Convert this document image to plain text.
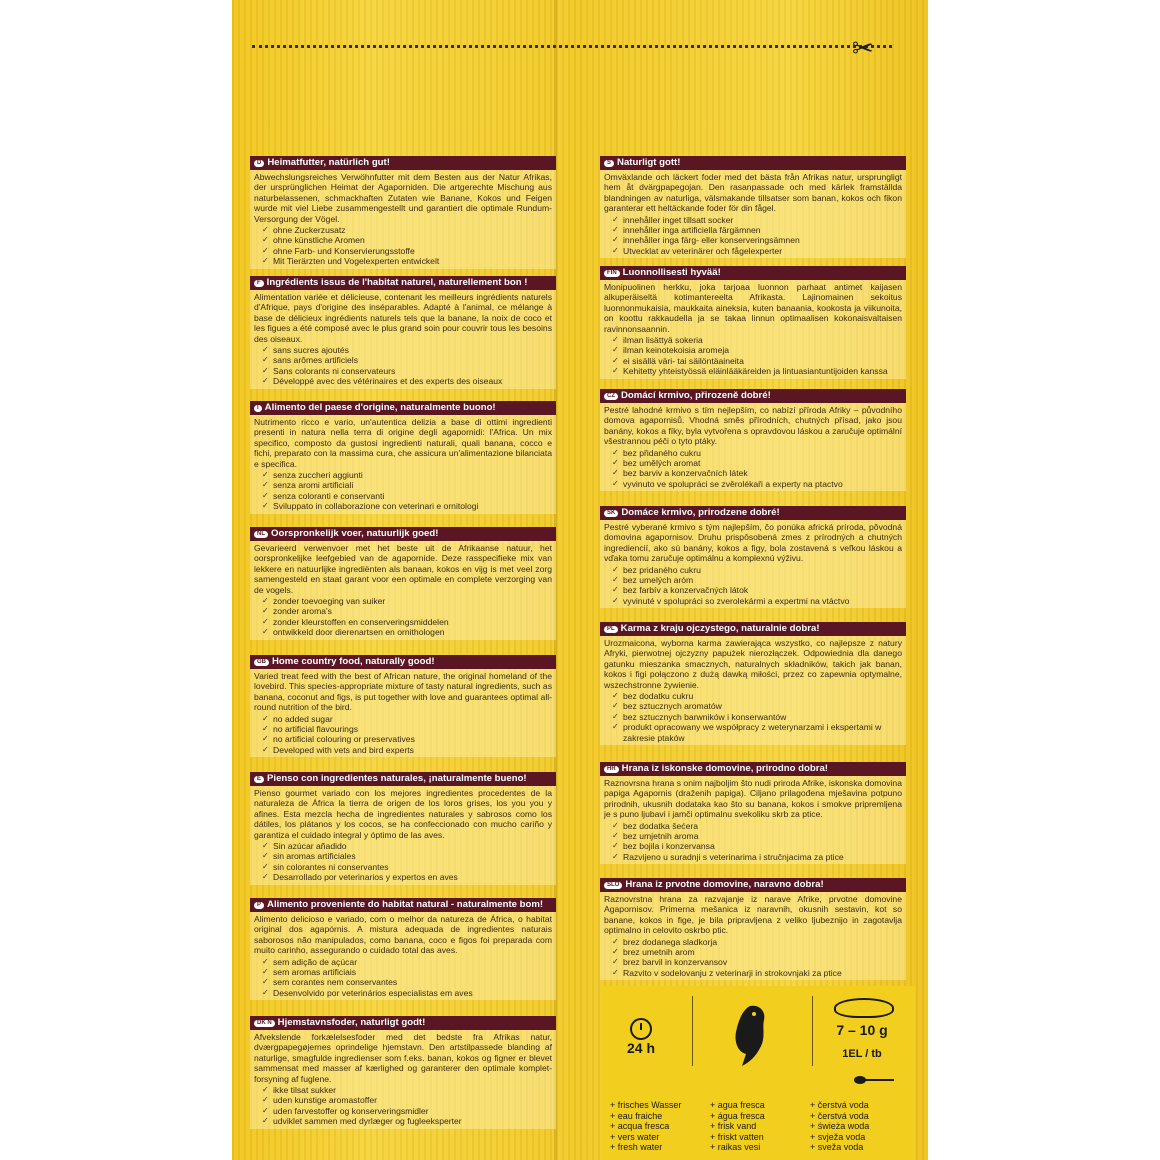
✂
D Heimatfutter, natürlich gut!

Abwechslungsreiches Verwöhnfutter mit dem Besten aus der Natur Afrikas, der ursprünglichen Heimat der Agaporniden. Die artgerechte Mischung aus naturbelassenen, schmackhaften Zutaten wie Banane, Kokos und Feigen wurde mit viel Liebe zusammengestellt und garantiert die optimale Rundum-Versorgung der Vögel.

✓ ohne Zuckerzusatz
✓ ohne künstliche Aromen
✓ ohne Farb- und Konservierungsstoffe
✓ Mit Tierärzten und Vogelexperten entwickelt
F Ingrédients issus de l'habitat naturel, naturellement bon !

Alimentation variée et délicieuse, contenant les meilleurs ingrédients naturels d'Afrique, pays d'origine des inséparables. Adapté à l'animal, ce mélange à base de délicieux ingrédients naturels tels que la banane, la noix de coco et les figues a été composé avec le plus grand soin pour couvrir tous les besoins des oiseaux.

✓ sans sucres ajoutés
✓ sans arômes artificiels
✓ Sans colorants ni conservateurs
✓ Développé avec des vétérinaires et des experts des oiseaux
I Alimento del paese d'origine, naturalmente buono!

Nutrimento ricco e vario, un'autentica delizia a base di ottimi ingredienti presenti in natura nella terra di origine degli agapornidi: l'Africa. Un mix specifico, composto da gustosi ingredienti naturali, quali banana, cocco e fichi, preparato con la massima cura, che assicura un'alimentazione bilanciata e specifica.

✓ senza zuccheri aggiunti
✓ senza aromi artificiali
✓ senza coloranti e conservanti
✓ Sviluppato in collaborazione con veterinari e ornitologi
NL Oorspronkelijk voer, natuurlijk goed!

Gevarieerd verwenvoer met het beste uit de Afrikaanse natuur, het oorspronkelijke leefgebied van de agapornide. Deze rasspecifieke mix van lekkere en natuurlijke ingrediënten als banaan, kokos en vijg is met veel zorg samengesteld en staat garant voor een optimale en complete verzorging van de vogels.

✓ zonder toevoeging van suiker
✓ zonder aroma's
✓ zonder kleurstoffen en conserveringsmiddelen
✓ ontwikkeld door dierenartsen en ornithologen
GB Home country food, naturally good!

Varied treat feed with the best of African nature, the original homeland of the lovebird. This species-appropriate mixture of tasty natural ingredients, such as banana, coconut and figs, is put together with love and guarantees optimal all-round nutrition of the bird.

✓ no added sugar
✓ no artificial flavourings
✓ no artificial colouring or preservatives
✓ Developed with vets and bird experts
E Pienso con ingredientes naturales, ¡naturalmente bueno!

Pienso gourmet variado con los mejores ingredientes procedentes de la naturaleza de África la tierra de origen de los loros grises, los you you y afines. Esta mezcla hecha de ingredientes naturales y sabrosos como los dátiles, los plátanos y los cocos, se ha confeccionado con mucho cariño y garantiza el cuidado integral y óptimo de las aves.

✓ Sin azúcar añadido
✓ sin aromas artificiales
✓ sin colorantes ni conservantes
✓ Desarrollado por veterinarios y expertos en aves
P Alimento proveniente do habitat natural - naturalmente bom!

Alimento delicioso e variado, com o melhor da natureza de África, o habitat original dos agapórnis. A mistura adequada de ingredientes naturais saborosos não manipulados, como banana, coco e figos foi preparada com muito carinho, assegurando o cuidado total das aves.

✓ sem adição de açúcar
✓ sem aromas artificiais
✓ sem corantes nem conservantes
✓ Desenvolvido por veterinários especialistas em aves
DK N Hjemstavnsfoder, naturligt godt!

Afvekslende forkælelsesfoder med det bedste fra Afrikas natur, dværgpapegøjernes oprindelige hjemstavn. Den artstilpassede blanding af naturlige, smagfulde ingredienser som f.eks. banan, kokos og figner er blevet sammensat med masser af kærlighed og garanterer den optimale kompletforsyning af fuglene.

✓ ikke tilsat sukker
✓ uden kunstige aromastoffer
✓ uden farvestoffer og konserveringsmidler
✓ udviklet sammen med dyrlæger og fugleeksperter
S Naturligt gott!

Omväxlande och läckert foder med det bästa från Afrikas natur, ursprungligt hem åt dvärgpapegojan. Den rasanpassade och med kärlek framställda blandningen av naturliga, välsmakande tillsatser som banan, kokos och fikon garanterar ett heltäckande foder för din fågel.

✓ innehåller inget tillsatt socker
✓ innehåller inga artificiella färgämnen
✓ innehåller inga färg- eller konserveringsämnen
✓ Utvecklat av veterinärer och fågelexperter
FIN Luonnollisesti hyvää!

Monipuolinen herkku, joka tarjoaa luonnon parhaat antimet kaijasen alkuperäiseltä kotimantereelta Afrikasta. Lajinomainen sekoitus luonnonmukaisia, maukkaita aineksia, kuten banaania, kookosta ja viikunoita, on koottu rakkaudella ja se takaa linnun optimaalisen kokonaisvaltaisen ravinnonsaannin.

✓ ilman lisättyä sokeria
✓ ilman keinotekoisia aromeja
✓ ei sisällä väri- tai säilöntäaineita
✓ Kehitetty yhteistyössä eläinlääkäreiden ja lintuasiantuntijoiden kanssa
CZ Domácí krmivo, přirozeně dobré!

Pestré lahodné krmivo s tím nejlepším, co nabízí příroda Afriky – původního domova agapornisů. Vhodná směs přírodních, chutných přísad, jako jsou banány, kokos a fíky, byla vytvořena s opravdovou láskou a zaručuje optimální všestrannou péči o tyto ptáky.

✓ bez přidaného cukru
✓ bez umělých aromat
✓ bez barviv a konzervačních látek
✓ vyvinuto ve spolupráci se zvěrolékaři a experty na ptactvo
SK Domáce krmivo, prirodzene dobré!

Pestré vyberané krmivo s tým najlepším, čo ponúka africká príroda, pôvodná domovina agapornisov. Druhu prispôsobená zmes z prírodných a chutných ingrediencií, ako sú banány, kokos a figy, bola zostavená s veľkou láskou a vďaka tomu zaručuje optimálnu a komplexnú výživu.

✓ bez pridaného cukru
✓ bez umelých aróm
✓ bez farbív a konzervačných látok
✓ vyvinuté v spolupráci so zverolekármi a expertmi na vtáctvo
PL Karma z kraju ojczystego, naturalnie dobra!

Urozmaicona, wyborna karma zawierająca wszystko, co najlepsze z natury Afryki, pierwotnej ojczyzny papużek nierozłączek. Odpowiednia dla danego gatunku mieszanka smacznych, naturalnych składników, takich jak banan, kokos i figi połączono z dużą dawką miłości, przez co zapewnia optymalne, wszechstronne żywienie.

✓ bez dodatku cukru
✓ bez sztucznych aromatów
✓ bez sztucznych barwników i konserwantów
✓ produkt opracowany we współpracy z weterynarzami i ekspertami w zakresie ptaków
HR Hrana iz iskonske domovine, prirodno dobra!

Raznovrsna hrana s onim najboljim što nudi priroda Afrike, iskonska domovina papiga Agapornis (draženih papiga). Ciljano prilagođena mješavina potpuno prirodnih, ukusnih dodataka kao što su banana, kokos i smokve pripremljena je s puno ljubavi i jamči optimalnu svekoliku skrb za ptice.

✓ bez dodatka šećera
✓ bez umjetnih aroma
✓ bez bojila i konzervansa
✓ Razvijeno u suradnji s veterinarima i stručnjacima za ptice
SLO Hrana iz prvotne domovine, naravno dobra!

Raznovrstna hrana za razvajanje iz narave Afrike, prvotne domovine Agapornisov. Primerna mešanica iz naravnih, okusnih sestavin, kot so banane, kokos in fige, je bila pripravljena z veliko ljubeznijo in zagotavlja optimalno in celovito oskrbo ptic.

✓ brez dodanega sladkorja
✓ brez umetnih arom
✓ brez barvil in konzervansov
✓ Razvito v sodelovanju z veterinarji in strokovnjaki za ptice
24 h
7 – 10 g
1EL / tb
+ frisches Wasser
+ eau fraiche
+ acqua fresca
+ vers water
+ fresh water
+ agua fresca
+ água fresca
+ frisk vand
+ friskt vatten
+ raikas vesi
+ čerstvá voda
+ čerstvá voda
+ świeża woda
+ svježa voda
+ sveža voda
